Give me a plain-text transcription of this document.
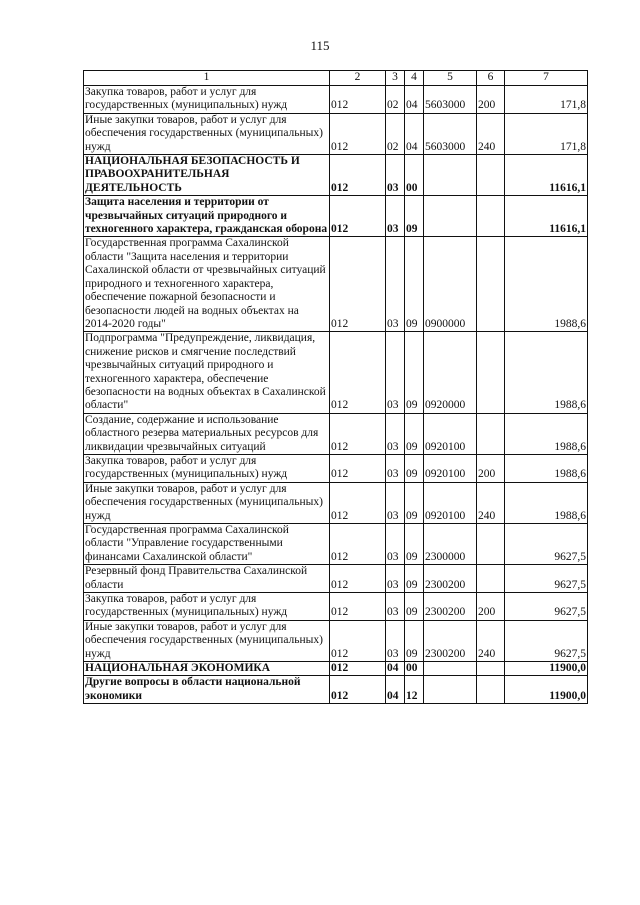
115
1	2	3	4	5	6	7
Закупка товаров, работ и услуг для государственных (муниципальных) нужд	012	02	04	5603000	200	171,8
Иные закупки товаров, работ и услуг для обеспечения государственных (муниципальных) нужд	012	02	04	5603000	240	171,8
НАЦИОНАЛЬНАЯ БЕЗОПАСНОСТЬ И ПРАВООХРАНИТЕЛЬНАЯ ДЕЯТЕЛЬНОСТЬ	012	03	00			11616,1
Защита населения и территории от чрезвычайных ситуаций природного и техногенного характера, гражданская оборона	012	03	09			11616,1
Государственная программа Сахалинской области "Защита населения и территории Сахалинской области от чрезвычайных ситуаций природного и техногенного характера, обеспечение пожарной безопасности и безопасности людей на водных объектах на 2014-2020 годы"	012	03	09	0900000		1988,6
Подпрограмма "Предупреждение, ликвидация, снижение рисков и смягчение последствий чрезвычайных ситуаций природного и техногенного характера, обеспечение безопасности на водных объектах в Сахалинской области"	012	03	09	0920000		1988,6
Создание, содержание и использование областного резерва материальных ресурсов для ликвидации чрезвычайных ситуаций	012	03	09	0920100		1988,6
Закупка товаров, работ и услуг для государственных (муниципальных) нужд	012	03	09	0920100	200	1988,6
Иные закупки товаров, работ и услуг для обеспечения государственных (муниципальных) нужд	012	03	09	0920100	240	1988,6
Государственная программа Сахалинской области "Управление государственными финансами Сахалинской области"	012	03	09	2300000		9627,5
Резервный фонд Правительства Сахалинской области	012	03	09	2300200		9627,5
Закупка товаров, работ и услуг для государственных (муниципальных) нужд	012	03	09	2300200	200	9627,5
Иные закупки товаров, работ и услуг для обеспечения государственных (муниципальных) нужд	012	03	09	2300200	240	9627,5
НАЦИОНАЛЬНАЯ ЭКОНОМИКА	012	04	00			11900,0
Другие вопросы в области национальной экономики	012	04	12			11900,0
